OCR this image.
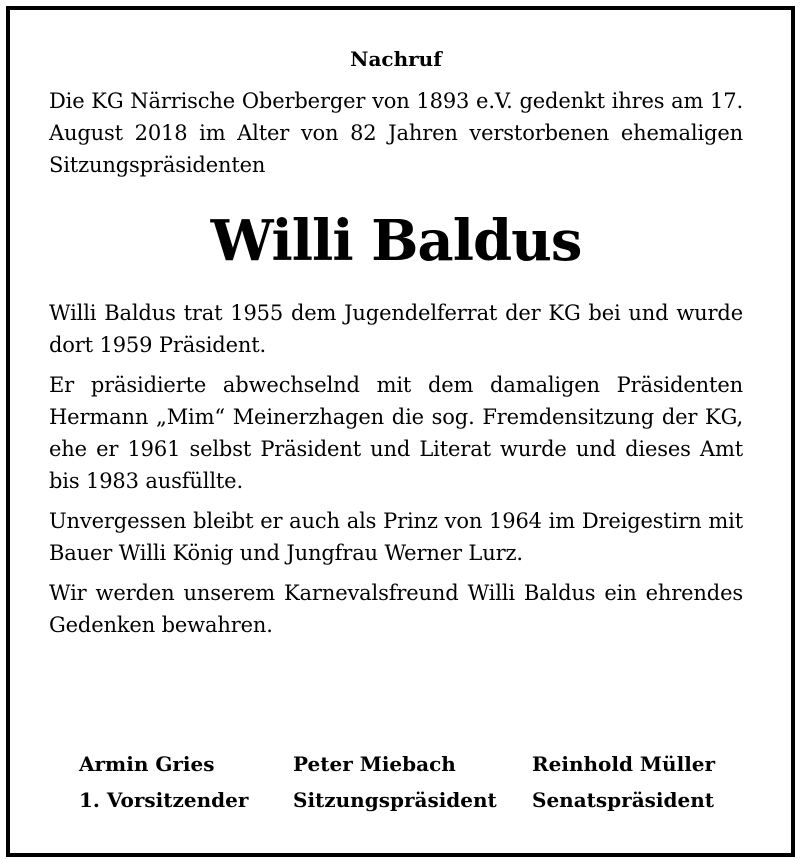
Nachruf

Die KG Närrische Oberberger von 1893 e.V. gedenkt ihres am 17. August 2018 im Alter von 82 Jahren verstorbenen ehemaligen Sitzungspräsidenten

Willi Baldus

Willi Baldus trat 1955 dem Jugendelferrat der KG bei und wurde dort 1959 Präsident.

Er präsidierte abwechselnd mit dem damaligen Präsidenten Hermann „Mim“ Meinerzhagen die sog. Fremdensitzung der KG, ehe er 1961 selbst Präsident und Literat wurde und dieses Amt bis 1983 ausfüllte.

Unvergessen bleibt er auch als Prinz von 1964 im Dreigestirn mit Bauer Willi König und Jungfrau Werner Lurz.

Wir werden unserem Karnevalsfreund Willi Baldus ein ehrendes Gedenken bewahren.

Armin Gries	Peter Miebach	Reinhold Müller
1. Vorsitzender	Sitzungspräsident	Senatspräsident
